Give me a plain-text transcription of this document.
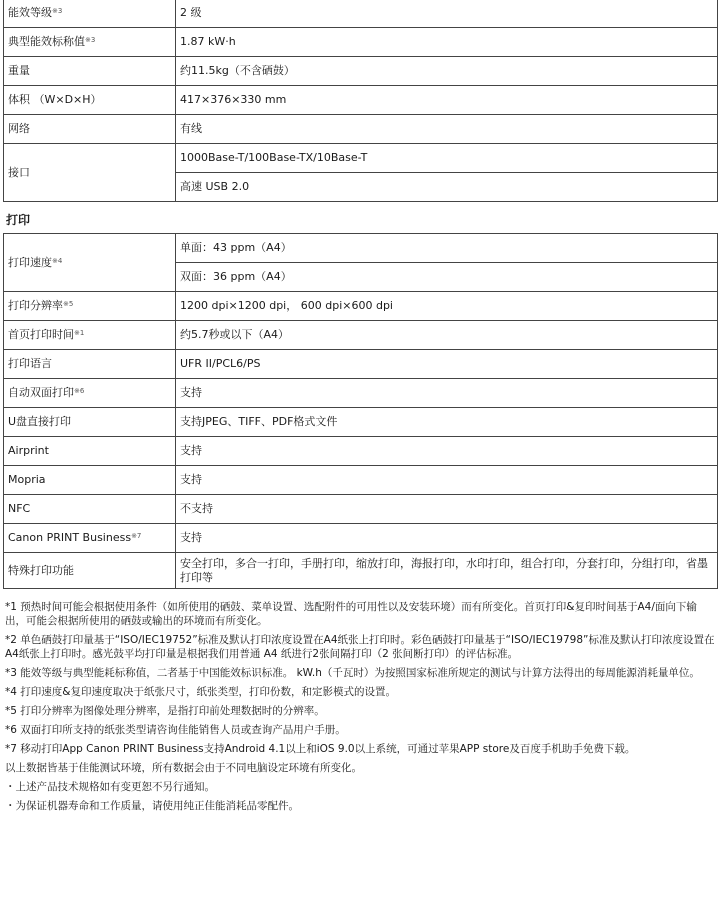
能效等级$^{※3}$	2 级
典型能效标称值$^{※3}$	1.87 kW·h
重量	约11.5kg（不含硒鼓）
体积 （W×D×H）	417×376×330 mm
网络	有线
接口	1000Base-T/100Base-TX/10Base-T
	高速 USB 2.0
打印
打印速度$^{※4}$	单面：43 ppm（A4）
	双面：36 ppm（A4）
打印分辨率$^{※5}$	1200 dpi×1200 dpi， 600 dpi×600 dpi
首页打印时间$^{※1}$	约5.7秒或以下（A4）
打印语言	UFR II/PCL6/PS
自动双面打印$^{※6}$	支持
U盘直接打印	支持JPEG、TIFF、PDF格式文件
Airprint	支持
Mopria	支持
NFC	不支持
Canon PRINT Business$^{※7}$	支持
特殊打印功能	安全打印，多合一打印，手册打印，缩放打印，海报打印，水印打印，组合打印，分套打印，分组打印，省墨打印等

*1 预热时间可能会根据使用条件（如所使用的硒鼓、菜单设置、选配附件的可用性以及安装环境）而有所变化。首页打印&复印时间基于A4/面向下输出，可能会根据所使用的硒鼓或输出的环境而有所变化。

*2 单色硒鼓打印量基于“ISO/IEC19752”标准及默认打印浓度设置在A4纸张上打印时。彩色硒鼓打印量基于“ISO/IEC19798”标准及默认打印浓度设置在A4纸张上打印时。感光鼓平均打印量是根据我们用普通 A4 纸进行2张间隔打印（2 张间断打印）的评估标准。

*3 能效等级与典型能耗标称值，二者基于中国能效标识标准。 kW.h（千瓦时）为按照国家标准所规定的测试与计算方法得出的每周能源消耗量单位。

*4 打印速度&复印速度取决于纸张尺寸，纸张类型，打印份数，和定影模式的设置。

*5 打印分辨率为图像处理分辨率，是指打印前处理数据时的分辨率。

*6 双面打印所支持的纸张类型请咨询佳能销售人员或查询产品用户手册。

*7 移动打印App Canon PRINT Business支持Android 4.1以上和iOS 9.0以上系统，可通过苹果APP store及百度手机助手免费下载。

以上数据皆基于佳能测试环境，所有数据会由于不同电脑设定环境有所变化。

・上述产品技术规格如有变更恕不另行通知。

・为保证机器寿命和工作质量，请使用纯正佳能消耗品零配件。
